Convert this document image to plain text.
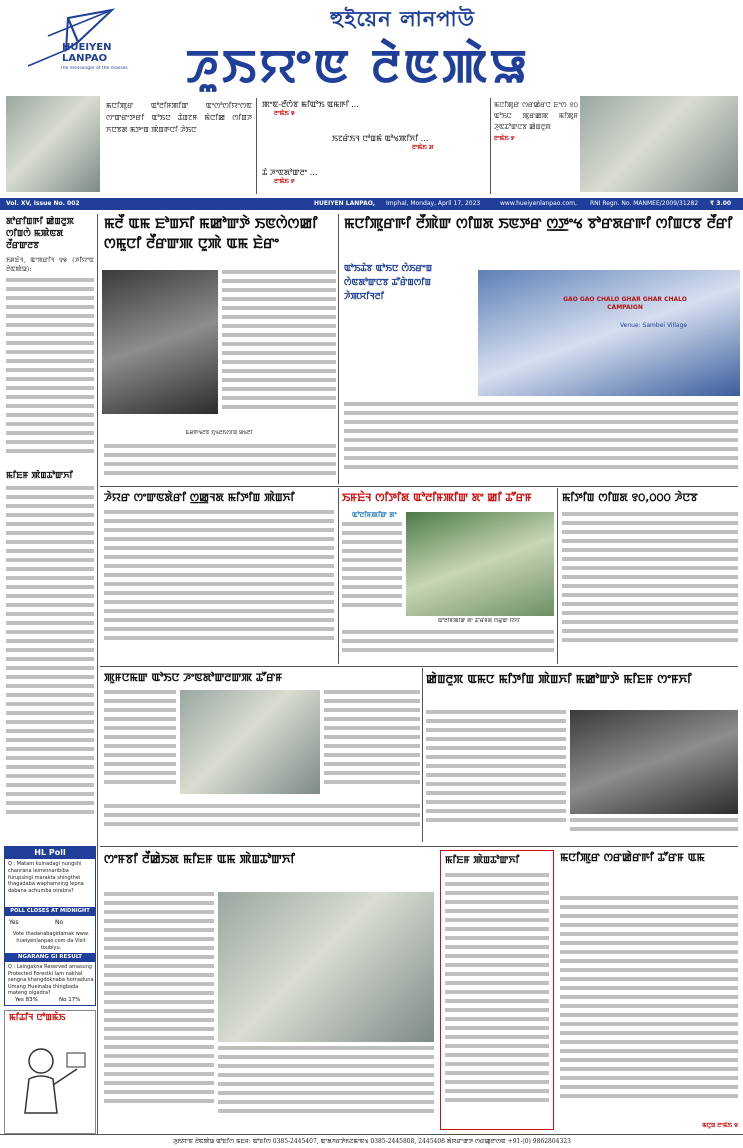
HUEIYEN
LANPAO
The messenger of the masses
হুইয়েন লানপাউ
ꯍꯨꯏꯌꯦꯟ ꯂꯥꯟꯄꯥꯎ
ꯃꯅꯤꯄꯨꯔ ꯑꯣꯂꯤꯝꯄꯤꯛ ꯑꯦꯁꯣꯁꯤꯌꯦꯁꯟ ꯁꯦꯛꯔꯦꯇꯔꯤ ꯑꯣꯏꯅ ꯊꯥꯡꯖꯝ ꯃꯥꯅꯤꯀ ꯁꯤꯡꯍ ꯈꯅꯕꯗ ꯃꯇꯦꯡ ꯄꯥꯡꯒꯅꯤ ꯍꯥꯏꯅ
ꯄꯦꯟ-ꯂꯩꯁꯥꯕ ꯃꯤꯑꯣꯏ ꯑꯃꯒꯤ ...
ꯂꯦꯃꯥꯏ ꯶
ꯏꯖꯔꯥꯏꯜ ꯅꯣꯡꯃꯥ ꯑꯣꯠꯄꯤꯈꯤ ...
ꯂꯦꯃꯥꯏ ꯷
ꯊꯥ ꯍꯦꯟꯗꯣꯛꯂꯦ ...
ꯂꯦꯃꯥꯏ ꯸
ꯃꯅꯤꯄꯨꯔ ꯁꯔꯀꯥꯔꯅ ꯐꯦꯁ ꯱꯰ ꯑꯣꯏꯅ ꯄꯨꯔꯀꯄ ꯃꯤꯄꯨꯝ ꯍꯨꯟꯊꯣꯛꯅꯕ ꯀꯥꯡꯂꯨꯞ
ꯂꯦꯃꯥꯏ ꯸
Vol. XV, Issue No. 002	HUEIYEN LANPAO,	Imphal, Monday, April 17, 2023	www.hueiyenlanpao.com,	RNI Regn. No. MANMEE/2009/31282	₹ 3.00
ꯗꯣꯔꯤꯡꯒꯤ ꯀꯥꯡꯂꯨꯞ ꯁꯤꯡꯁꯥ ꯃꯄꯥꯟꯗ ꯂꯩꯔꯛꯂꯕ
ꯏꯝꯐꯥꯜ, ꯑꯦꯞꯔꯤꯜ ꯱꯶ (ꯍꯤꯌꯦꯟ ꯂꯥꯟꯄꯥꯎ):
ꯃꯤꯐꯝ ꯄꯥꯡꯊꯣꯛꯈꯤ
HL Poll
Q : Matam kuinadagi nungshi chanrana leiminnaribiba furupsingi marakta shingthei thagadaba waphamsing lepna dabana achumba oirabra?
POLL CLOSES AT MIDNIGHT
Yes	No
Vote thadanabagidamak www. hueiyenlanpao.com da Visit toubiyu.
NGARANG GI RESULT
Q : Leingakna Reserved amasung Protected Forestki lam nakhel sengna khangdoknaba hotnaduna Umang Hueinaba thingbada mateng oigadra?
Yes 83%	No 17%
ꯃꯤꯊꯤꯜ ꯅꯣꯡꯃꯥꯏ
ꯃꯂꯩ ꯑꯃ ꯐꯣꯡꯈꯤ ꯃꯀꯣꯛꯇꯥ ꯏꯟꯁꯥꯁꯀꯤ ꯁꯃꯨꯅꯤ ꯂꯩꯔꯛꯄ ꯅꯨꯄꯥ ꯑꯃ ꯐꯥꯔꯦ
ꯐꯥꯔꯒꯠꯂꯕ ꯈꯨꯠꯂꯥꯏꯁꯤꯡ ꯎꯠꯂꯤ
ꯃꯅꯤꯄꯨꯔꯒꯤ ꯂꯩꯄꯥꯛ ꯁꯤꯡꯗ ꯏꯟꯇꯔ ꯁ꯭ꯇꯦꯠ ꯕꯣꯔꯗꯔꯒꯤ ꯁꯤꯡꯅꯕ ꯂꯩꯔꯤ
ꯑꯣꯏꯊꯥꯕ ꯑꯣꯏꯅ ꯁꯥꯏꯔꯦꯡ ꯁꯥꯟꯗꯣꯛꯅꯕ ꯊꯧꯔꯥꯡꯁꯤꯡ ꯍꯥꯄꯆꯤꯜꯂꯤ	GAO GAO CHALO GHAR GHAR CHALO CAMPAIGN
Venue: Sambei Village
ꯍꯥꯌꯔ ꯁꯦꯛꯟꯗꯥꯔꯤ ꯁ꯭ꯀꯨꯜꯗ ꯃꯤꯇꯤꯡ ꯄꯥꯡꯈꯤ	ꯏꯝꯐꯥꯜ ꯁꯤꯇꯤꯗ ꯑꯣꯂꯤꯝꯄꯤꯛ ꯗꯦ ꯀꯤ ꯊꯧꯔꯝ
ꯑꯣꯂꯤꯝꯄꯤꯛ ꯗꯦ
ꯑꯣꯂꯤꯝꯄꯤꯛ ꯗꯦ ꯊꯧꯔꯝꯗ ꯁꯔꯨꯛ ꯌꯥꯈꯤ
ꯃꯤꯇꯤꯡ ꯁꯤꯡꯗ ꯱꯰,꯰꯰꯰ ꯍꯥꯅꯕ
ꯄꯨꯝꯅꯃꯛ ꯑꯣꯏꯅ ꯍꯦꯟꯗꯣꯛꯂꯛꯄ ꯊꯧꯔꯝ	ꯀꯥꯡꯂꯨꯞ ꯑꯃꯅ ꯃꯤꯇꯤꯡ ꯄꯥꯡꯈꯤ ꯃꯀꯣꯛꯇꯥ ꯃꯤꯐꯝ ꯁꯦꯝꯈꯤ
ꯁꯦꯝꯕꯤ ꯂꯩꯀꯥꯏꯗ ꯃꯤꯐꯝ ꯑꯃ ꯄꯥꯡꯊꯣꯛꯈꯤ	ꯃꯤꯐꯝ ꯄꯥꯡꯊꯣꯛꯈꯤ	ꯃꯅꯤꯄꯨꯔ ꯁꯔꯀꯥꯔꯒꯤ ꯊꯧꯔꯝ ꯑꯃ
ꯃꯅꯨꯡ ꯂꯦꯃꯥꯏ ꯶
ꯍꯨꯏꯌꯦꯟ ꯂꯥꯟꯄꯥꯎ ꯑꯣꯐꯤꯁ ꯃꯐꯝ: ꯑꯣꯐꯤꯁ 0385-2445407, ꯑꯦꯗꯚꯔꯇꯥꯏꯖꯃꯦꯟꯠ 0385-2445808, 2445408 ꯗꯥꯌꯔꯦꯛꯇ ꯁꯔꯀꯨꯂꯦꯁꯟ +91-(0) 9862804323
